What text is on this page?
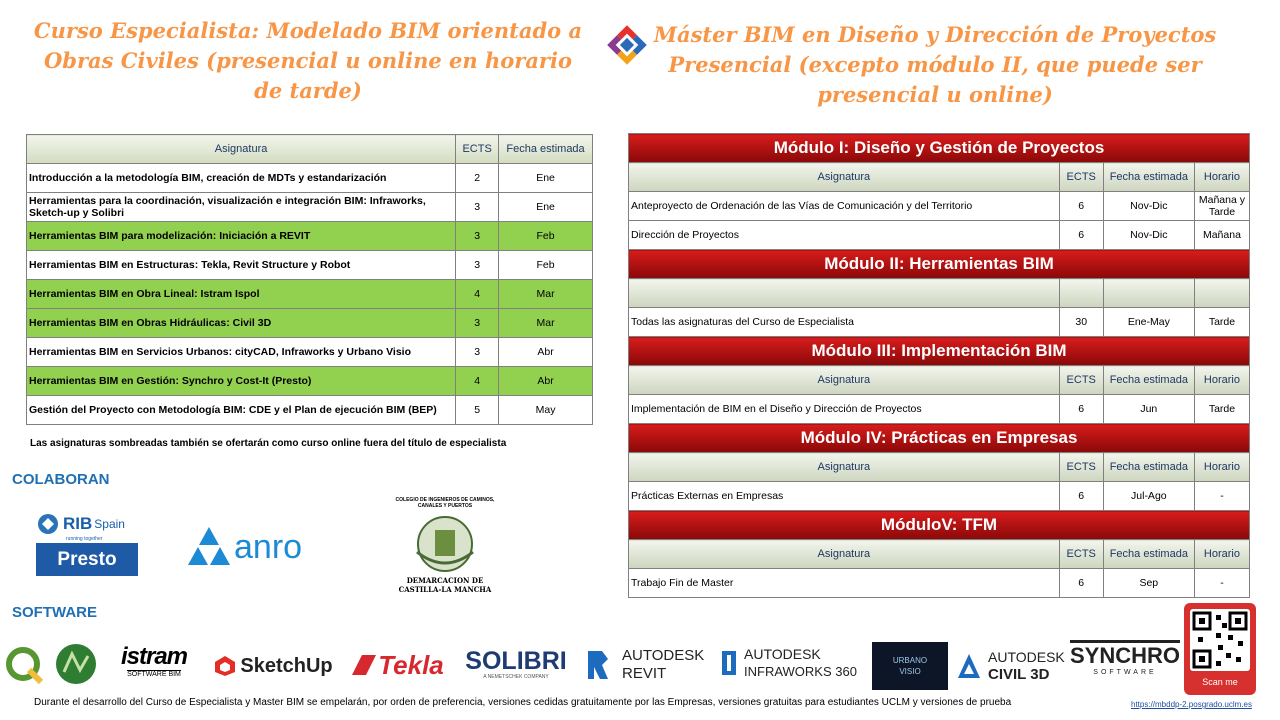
Curso Especialista: Modelado BIM orientado a Obras Civiles (presencial u online en horario de tarde)
Máster BIM en Diseño y Dirección de Proyectos Presencial (excepto módulo II, que puede ser presencial u online)
Asignatura	ECTS	Fecha estimada
Introducción a la metodología BIM, creación de MDTs y estandarización	2	Ene
Herramientas para la coordinación, visualización e integración BIM: Infraworks, Sketch-up y Solibri	3	Ene
Herramientas BIM para modelización: Iniciación a REVIT	3	Feb
Herramientas BIM en Estructuras: Tekla, Revit Structure y Robot	3	Feb
Herramientas BIM en Obra Lineal: Istram Ispol	4	Mar
Herramientas BIM en Obras Hidráulicas: Civil 3D	3	Mar
Herramientas BIM en Servicios Urbanos: cityCAD, Infraworks y Urbano Visio	3	Abr
Herramientas BIM en Gestión: Synchro y Cost-It (Presto)	4	Abr
Gestión del Proyecto con Metodología BIM: CDE y el Plan de ejecución BIM (BEP)	5	May
Las asignaturas sombreadas también se ofertarán como curso online fuera del título de especialista
Módulo I: Diseño y Gestión de Proyectos			
Asignatura	ECTS	Fecha estimada	Horario
Anteproyecto de Ordenación de las Vías de Comunicación y del Territorio	6	Nov-Dic	Mañana y Tarde
Dirección de Proyectos	6	Nov-Dic	Mañana
Módulo II: Herramientas BIM			

Todas las asignaturas del Curso de Especialista	30	Ene-May	Tarde
Módulo III: Implementación BIM			
Asignatura	ECTS	Fecha estimada	Horario
Implementación de BIM en el Diseño y Dirección de Proyectos	6	Jun	Tarde
Módulo IV: Prácticas en Empresas			
Asignatura	ECTS	Fecha estimada	Horario
Prácticas Externas en Empresas	6	Jul-Ago	-
MóduloV: TFM			
Asignatura	ECTS	Fecha estimada	Horario
Trabajo Fin de Master	6	Sep	-
COLABORAN
RIB Spain
running together
Presto	anro
COLEGIO DE INGENIEROS DE CAMINOS, CANALES Y PUERTOS
DEMARCACION DE CASTILLA-LA MANCHA
SOFTWARE
istram
SOFTWARE BIM	SketchUp Tekla SOLIBRI
A NEMETSCHEK COMPANY
AUTODESK
REVIT
AUTODESK
INFRAWORKS 360
URBANO VISIO
AUTODESK
CIVIL 3D
SYNCHRO
SOFTWARE
Scan me
Durante el desarrollo del Curso de Especialista y Master BIM se empelarán, por orden de preferencia, versiones cedidas gratuitamente por las Empresas, versiones gratuitas para estudiantes UCLM y versiones de prueba	https://mbddp-2.posgrado.uclm.es
